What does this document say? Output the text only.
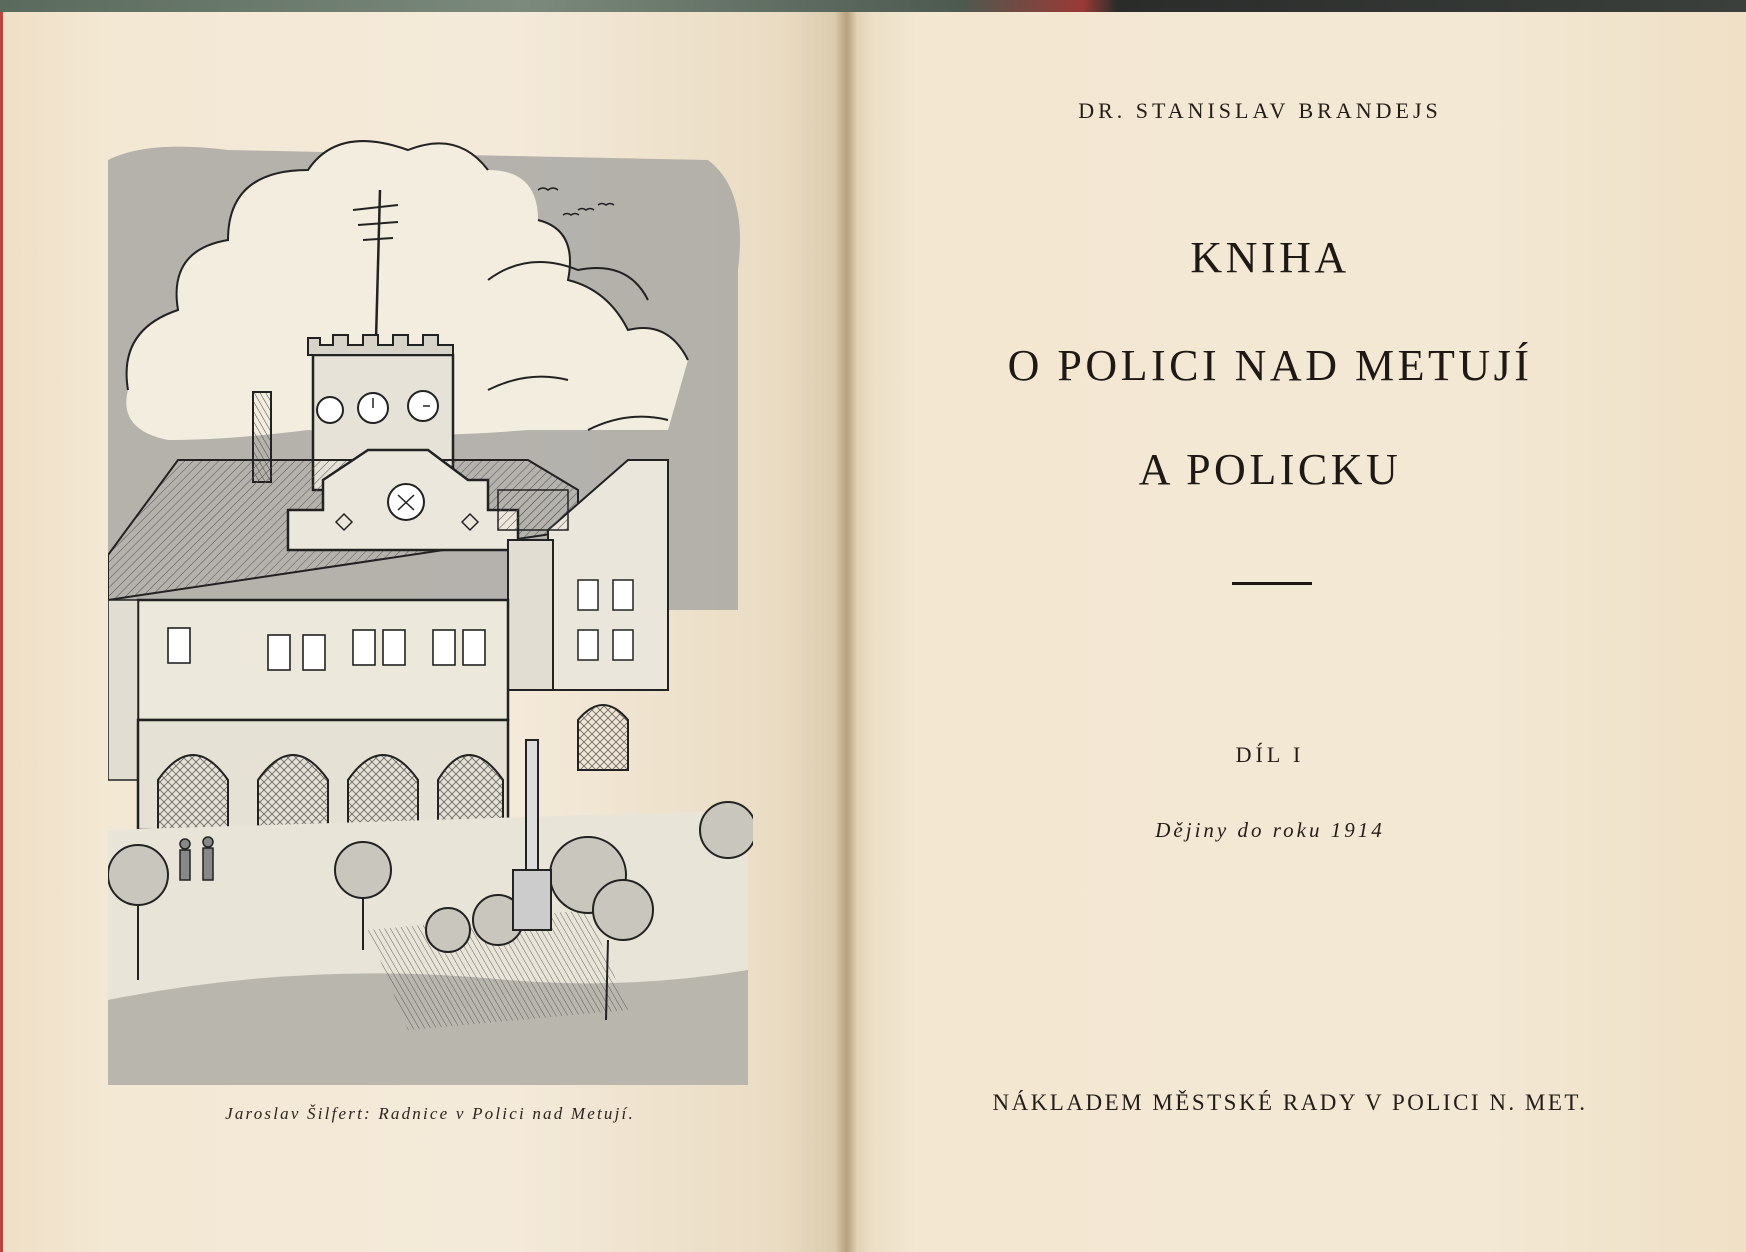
Jaroslav Šilfert: Radnice v Polici nad Metují.
DR. STANISLAV BRANDEJS
KNIHA
O POLICI NAD METUJÍ
A POLICKU
DÍL I
Dějiny do roku 1914
NÁKLADEM MĚSTSKÉ RADY V POLICI N. MET.
